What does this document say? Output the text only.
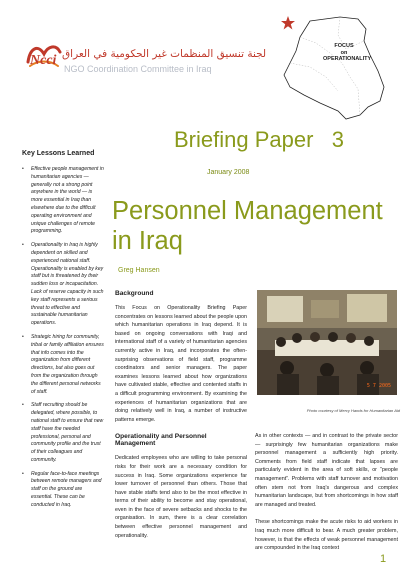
Ncci لجنة تنسيق المنظمات غير الحكومية في العراق
NGO Coordination Committee in Iraq
FOCUS
on
OPERATIONALITY
Key Lessons Learned
• Effective people management in humanitarian agencies — generally not a strong point anywhere in the world — is more essential in Iraq than elsewhere due to the difficult operating environment and unique challenges of remote programming.
• Operationality in Iraq is highly dependent on skilled and experienced national staff. Operationality is enabled by key staff but is threatened by their sudden loss or incapacitation. Lack of reserve capacity in such key staff represents a serious threat to effective and sustainable humanitarian operations.
• Strategic hiring for community, tribal or family affiliation ensures that info comes into the organization from different directions, but also goes out from the organization through the different personal networks of staff.
• Staff recruiting should be delegated, where possible, to national staff to ensure that new staff have the needed professional, personal and community profile and the trust of their colleagues and community.
• Regular face-to-face meetings between remote managers and staff on the ground are essential. These can be conducted in Iraq.
Briefing Paper 3
January 2008
Personnel Management in Iraq
Greg Hansen
Background

This Focus on Operationality Briefing Paper concentrates on lessons learned about the people upon which humanitarian operations in Iraq depend. It is based on ongoing conversations with Iraqi and international staff of a variety of humanitarian agencies currently active in Iraq, and incorporates the often-surprising observations of field staff, programme coordinators and senior managers. The paper examines lessons learned about how organizations have cultivated stable, effective and contented staffs in a difficult programming environment. By examining the experiences of humanitarian organizations that are doing relatively well in Iraq, a number of instructive patterns emerge.

Operationality and Personnel Management

Dedicated employees who are willing to take personal risks for their work are a necessary condition for success in Iraq. Some organizations experience far lower turnover of personnel than others. Those that have stable staffs tend also to be the most effective in terms of their ability to become and stay operational, even in the face of severe setbacks and shocks to the organisation. In sum, there is a clear correlation between effective personnel management and operationality.

5 7 2005
Photo courtesy of Mercy Hands for Humanitarian Aid

As in other contexts — and in contrast to the private sector — surprisingly few humanitarian organizations make personnel management a sufficiently high priority. Comments from field staff indicate that lapses are particularly evident in the area of soft skills, or “people management”. Problems with staff turnover and motivation often stem not from Iraq's dangerous and complex humanitarian landscape, but from shortcomings in how staff are managed and treated.

These shortcomings make the acute risks to aid workers in Iraq much more difficult to bear. A much greater problem, however, is that the effects of weak personnel management are compounded in the Iraq context

1
